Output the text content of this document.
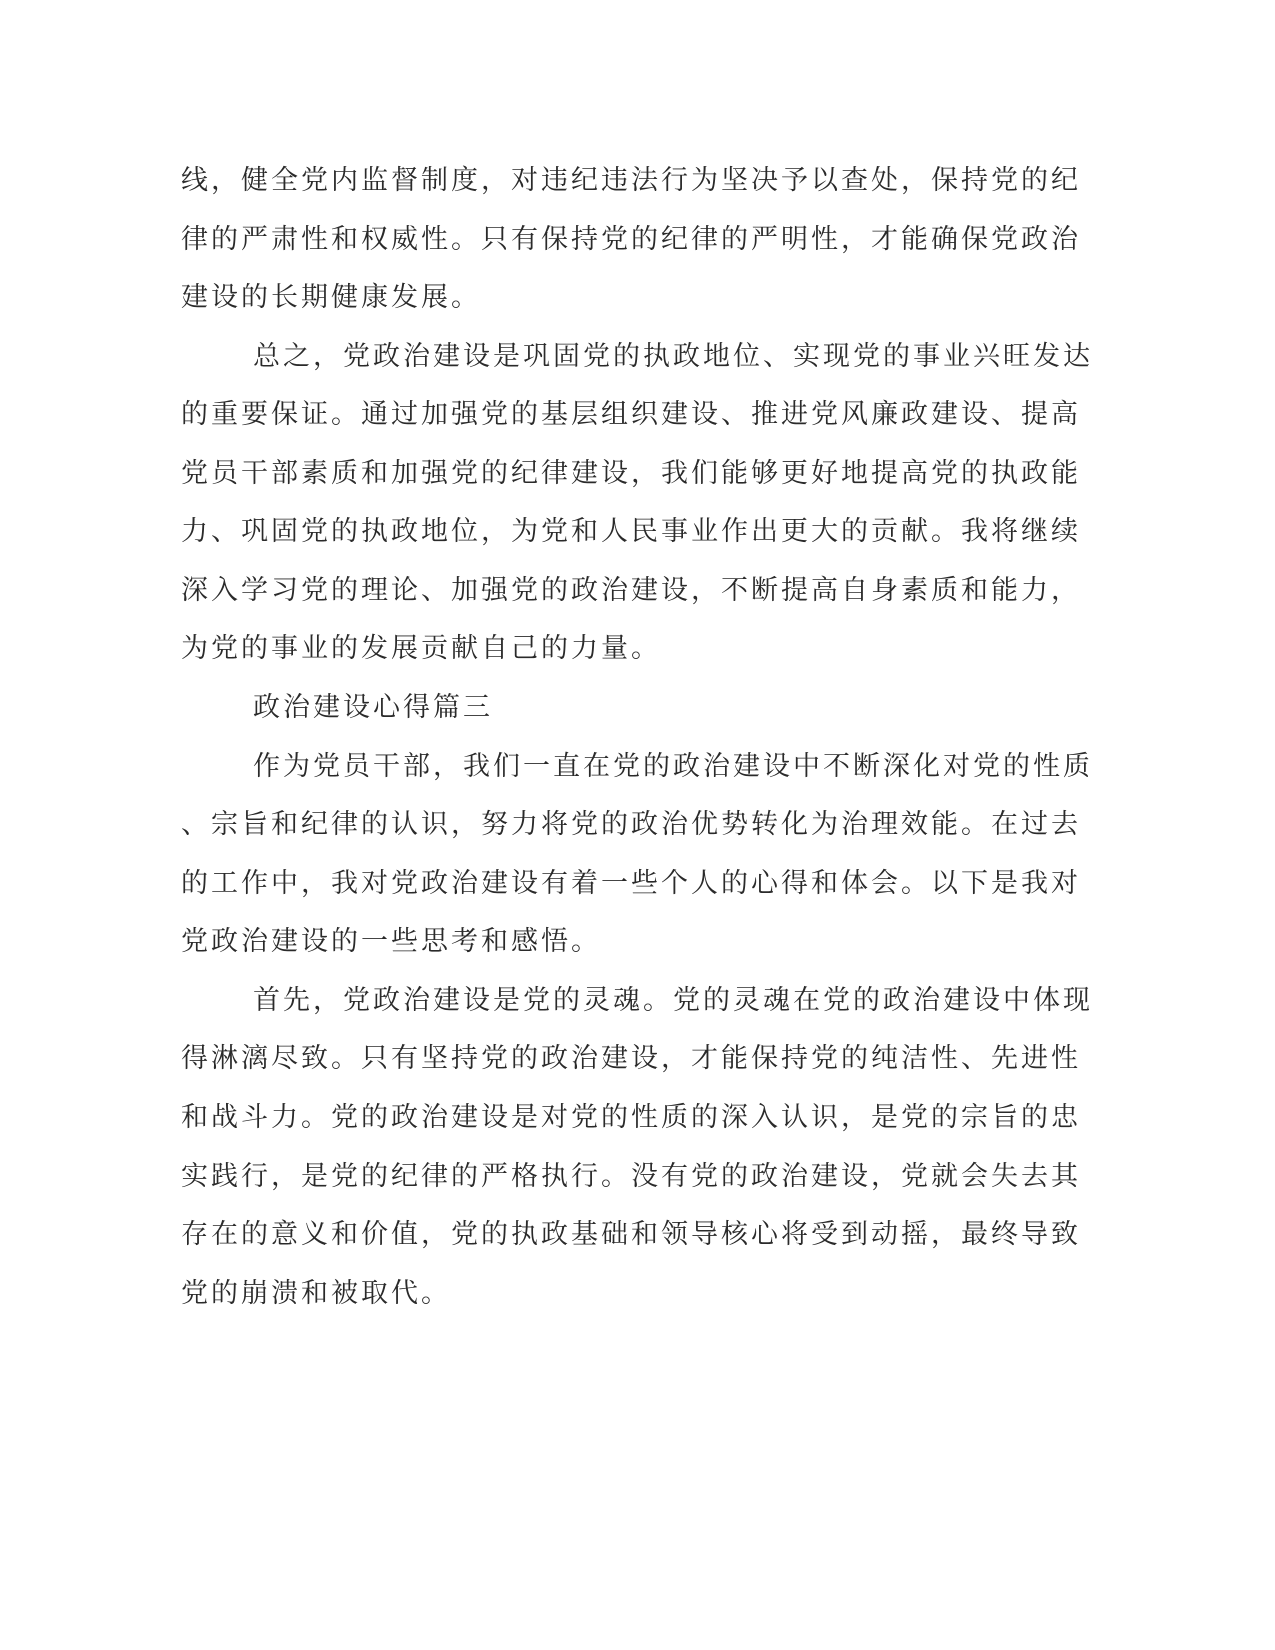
线，健全党内监督制度，对违纪违法行为坚决予以查处，保持党的纪

律的严肃性和权威性。只有保持党的纪律的严明性，才能确保党政治

建设的长期健康发展。

总之，党政治建设是巩固党的执政地位、实现党的事业兴旺发达

的重要保证。通过加强党的基层组织建设、推进党风廉政建设、提高

党员干部素质和加强党的纪律建设，我们能够更好地提高党的执政能

力、巩固党的执政地位，为党和人民事业作出更大的贡献。我将继续

深入学习党的理论、加强党的政治建设，不断提高自身素质和能力，

为党的事业的发展贡献自己的力量。

政治建设心得篇三

作为党员干部，我们一直在党的政治建设中不断深化对党的性质

、宗旨和纪律的认识，努力将党的政治优势转化为治理效能。在过去

的工作中，我对党政治建设有着一些个人的心得和体会。以下是我对

党政治建设的一些思考和感悟。

首先，党政治建设是党的灵魂。党的灵魂在党的政治建设中体现

得淋漓尽致。只有坚持党的政治建设，才能保持党的纯洁性、先进性

和战斗力。党的政治建设是对党的性质的深入认识，是党的宗旨的忠

实践行，是党的纪律的严格执行。没有党的政治建设，党就会失去其

存在的意义和价值，党的执政基础和领导核心将受到动摇，最终导致

党的崩溃和被取代。
